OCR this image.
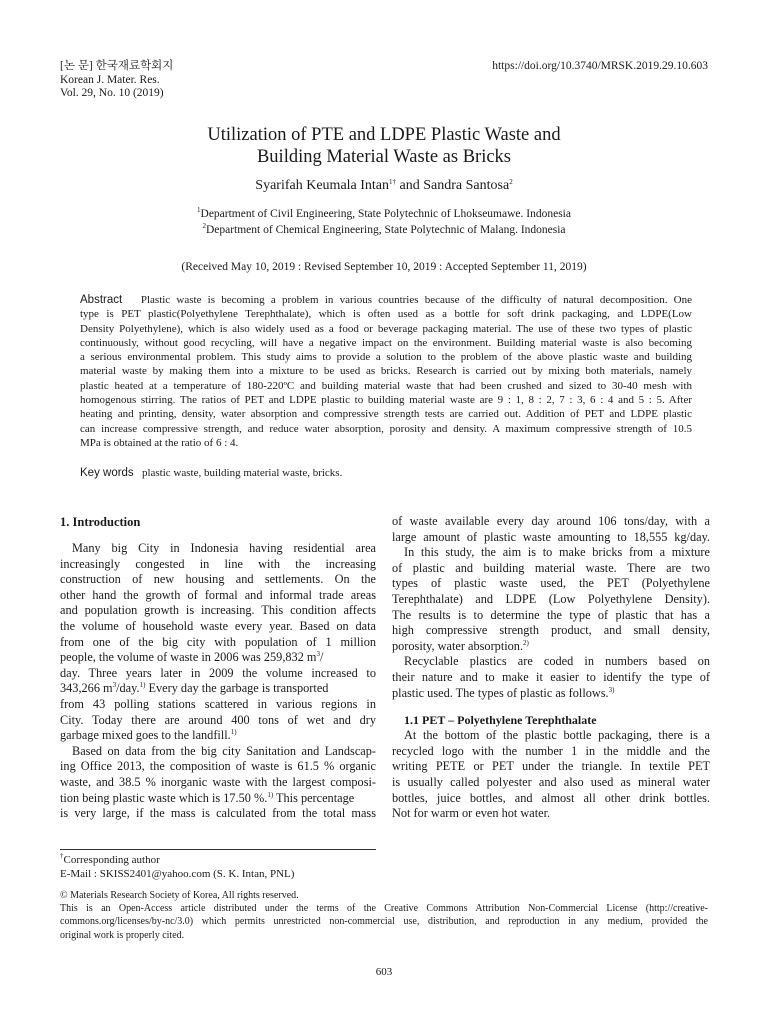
[논 문] 한국재료학회지
Korean J. Mater. Res.
Vol. 29, No. 10 (2019)
https://doi.org/10.3740/MRSK.2019.29.10.603
Utilization of PTE and LDPE Plastic Waste and
Building Material Waste as Bricks
Syarifah Keumala Intan$^{1\dagger}$ and Sandra Santosa$^2$
$^1$Department of Civil Engineering, State Polytechnic of Lhokseumawe. Indonesia
$^2$Department of Chemical Engineering, State Polytechnic of Malang. Indonesia
(Received May 10, 2019 : Revised September 10, 2019 : Accepted September 11, 2019)
Abstract Plastic waste is becoming a problem in various countries because of the difficulty of natural decomposition. One
type is PET plastic(Polyethylene Terephthalate), which is often used as a bottle for soft drink packaging, and LDPE(Low
Density Polyethylene), which is also widely used as a food or beverage packaging material. The use of these two types of plastic
continuously, without good recycling, will have a negative impact on the environment. Building material waste is also becoming
a serious environmental problem. This study aims to provide a solution to the problem of the above plastic waste and building
material waste by making them into a mixture to be used as bricks. Research is carried out by mixing both materials, namely
plastic heated at a temperature of 180-220ºC and building material waste that had been crushed and sized to 30-40 mesh with
homogenous stirring. The ratios of PET and LDPE plastic to building material waste are 9 : 1, 8 : 2, 7 : 3, 6 : 4 and 5 : 5. After
heating and printing, density, water absorption and compressive strength tests are carried out. Addition of PET and LDPE plastic
can increase compressive strength, and reduce water absorption, porosity and density. A maximum compressive strength of 10.5
MPa is obtained at the ratio of 6 : 4.
Key words plastic waste, building material waste, bricks.
1. Introduction
Many big City in Indonesia having residential area
increasingly congested in line with the increasing
construction of new housing and settlements. On the
other hand the growth of formal and informal trade areas
and population growth is increasing. This condition affects
the volume of household waste every year. Based on data
from one of the big city with population of 1 million
people, the volume of waste in 2006 was 259,832 $m^3/$
day. Three years later in 2009 the volume increased to
343,266 $m^3/day.^{1)}$ Every day the garbage is transported
from 43 polling stations scattered in various regions in
City. Today there are around 400 tons of wet and dry
garbage mixed goes to the landfill.$^{1)}$
Based on data from the big city Sanitation and Landscap-
ing Office 2013, the composition of waste is 61.5 % organic
waste, and 38.5 % inorganic waste with the largest composi-
tion being plastic waste which is 17.50 %.$^{1)}$ This percentage
is very large, if the mass is calculated from the total mass
of waste available every day around 106 tons/day, with a
large amount of plastic waste amounting to 18,555 kg/day.
In this study, the aim is to make bricks from a mixture
of plastic and building material waste. There are two
types of plastic waste used, the PET (Polyethylene
Terephthalate) and LDPE (Low Polyethylene Density).
The results is to determine the type of plastic that has a
high compressive strength product, and small density,
porosity, water absorption.$^{2)}$
Recyclable plastics are coded in numbers based on
their nature and to make it easier to identify the type of
plastic used. The types of plastic as follows.$^{3)}$
1.1 PET – Polyethylene Terephthalate
At the bottom of the plastic bottle packaging, there is a
recycled logo with the number 1 in the middle and the
writing PETE or PET under the triangle. In textile PET
is usually called polyester and also used as mineral water
bottles, juice bottles, and almost all other drink bottles.
Not for warm or even hot water.
†Corresponding author
E-Mail : SKISS2401@yahoo.com (S. K. Intan, PNL)
© Materials Research Society of Korea, All rights reserved.
This is an Open-Access article distributed under the terms of the Creative Commons Attribution Non-Commercial License (http://creative-
commons.org/licenses/by-nc/3.0) which permits unrestricted non-commercial use, distribution, and reproduction in any medium, provided the
original work is properly cited.
603
